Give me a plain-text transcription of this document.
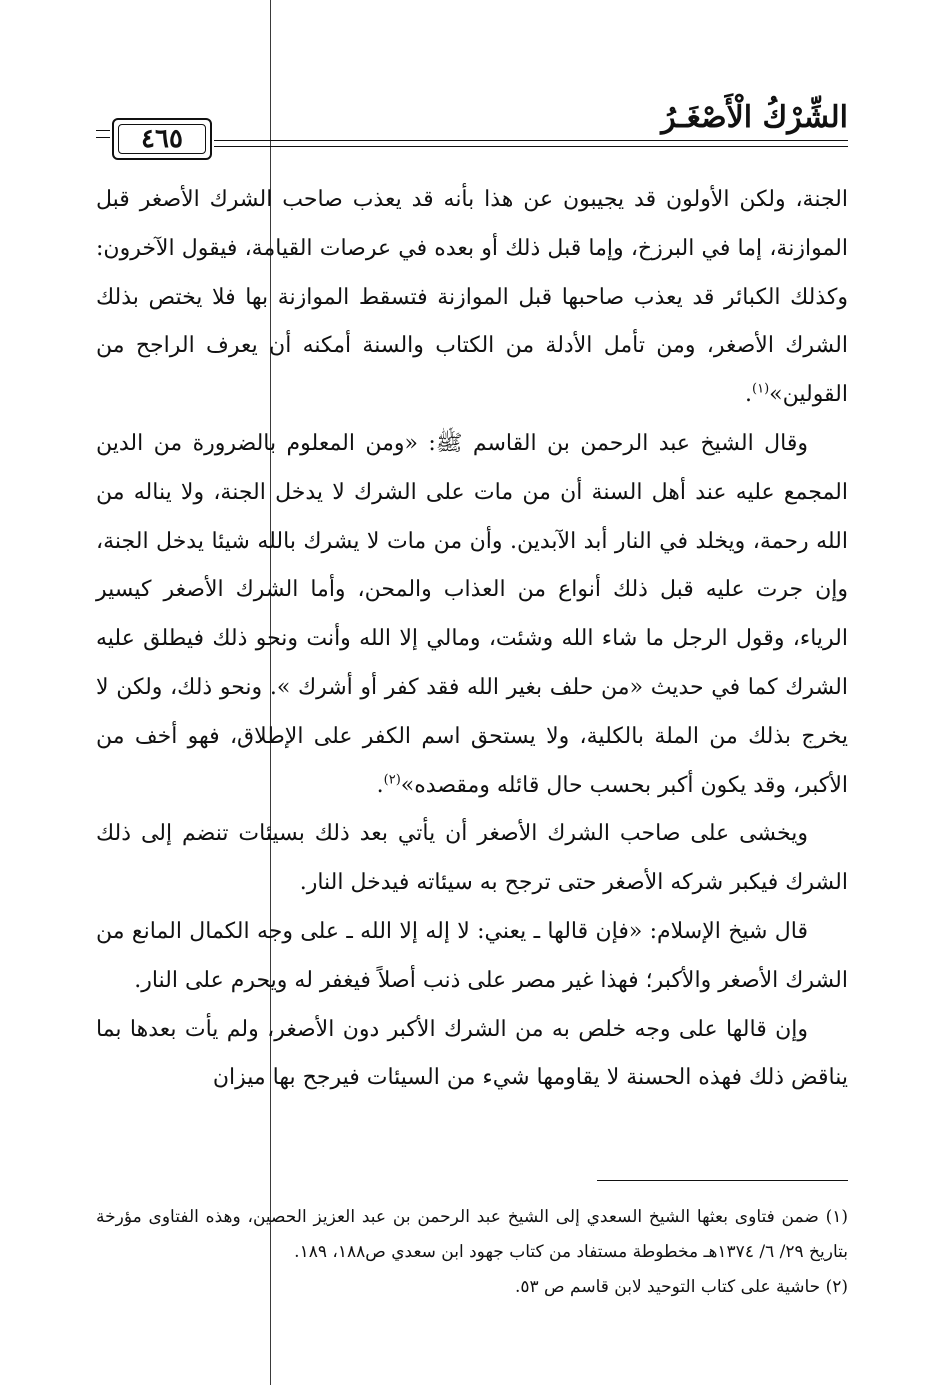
الشِّرْكُ الْأَصْغَـرُ
٤٦٥

الجنة، ولكن الأولون قد يجيبون عن هذا بأنه قد يعذب صاحب الشرك الأصغر قبل الموازنة، إما في البرزخ، وإما قبل ذلك أو بعده في عرصات القيامة، فيقول الآخرون: وكذلك الكبائر قد يعذب صاحبها قبل الموازنة فتسقط الموازنة بها فلا يختص بذلك الشرك الأصغر، ومن تأمل الأدلة من الكتاب والسنة أمكنه أن يعرف الراجح من القولين»$^{(١)}$.

وقال الشيخ عبد الرحمن بن القاسم ﷺ: «ومن المعلوم بالضرورة من الدين المجمع عليه عند أهل السنة أن من مات على الشرك لا يدخل الجنة، ولا يناله من الله رحمة، ويخلد في النار أبد الآبدين. وأن من مات لا يشرك بالله شيئا يدخل الجنة، وإن جرت عليه قبل ذلك أنواع من العذاب والمحن، وأما الشرك الأصغر كيسير الرياء، وقول الرجل ما شاء الله وشئت، ومالي إلا الله وأنت ونحو ذلك فيطلق عليه الشرك كما في حديث «من حلف بغير الله فقد كفر أو أشرك ». ونحو ذلك، ولكن لا يخرج بذلك من الملة بالكلية، ولا يستحق اسم الكفر على الإطلاق، فهو أخف من الأكبر، وقد يكون أكبر بحسب حال قائله ومقصده»$^{(٢)}$.

ويخشى على صاحب الشرك الأصغر أن يأتي بعد ذلك بسيئات تنضم إلى ذلك الشرك فيكبر شركه الأصغر حتى ترجح به سيئاته فيدخل النار.

قال شيخ الإسلام: «فإن قالها ـ يعني: لا إله إلا الله ـ على وجه الكمال المانع من الشرك الأصغر والأكبر؛ فهذا غير مصر على ذنب أصلاً فيغفر له ويحرم على النار.

وإن قالها على وجه خلص به من الشرك الأكبر دون الأصغر، ولم يأت بعدها بما يناقض ذلك فهذه الحسنة لا يقاومها شيء من السيئات فيرجح بها ميزان

(١) ضمن فتاوى بعثها الشيخ السعدي إلى الشيخ عبد الرحمن بن عبد العزيز الحصين، وهذه الفتاوى مؤرخة بتاريخ ٢٩/ ٦/ ١٣٧٤هـ مخطوطة مستفاد من كتاب جهود ابن سعدي ص١٨٨، ١٨٩.

(٢) حاشية على كتاب التوحيد لابن قاسم ص ٥٣.
